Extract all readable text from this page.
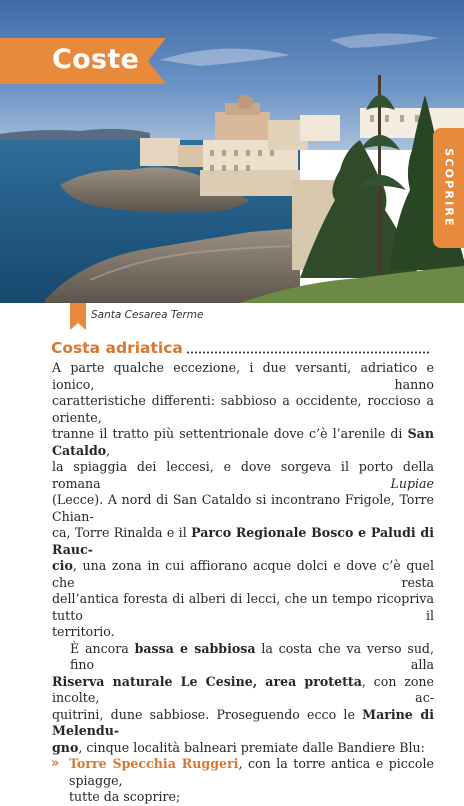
Coste
SCOPRIRE
Santa Cesarea Terme
Costa adriatica
A parte qualche eccezione, i due versanti, adriatico e ionico, hanno
caratteristiche differenti: sabbioso a occidente, roccioso a oriente,
tranne il tratto più settentrionale dove c’è l’arenile di San Cataldo,
la spiaggia dei leccesi, e dove sorgeva il porto della romana Lupiae
(Lecce). A nord di San Cataldo si incontrano Frigole, Torre Chian-
ca, Torre Rinalda e il Parco Regionale Bosco e Paludi di Rauc-
cio, una zona in cui affiorano acque dolci e dove c’è quel che resta
dell’antica foresta di alberi di lecci, che un tempo ricopriva tutto il
territorio.
È ancora bassa e sabbiosa la costa che va verso sud, fino alla
Riserva naturale Le Cesine, area protetta, con zone incolte, ac-
quitrini, dune sabbiose. Proseguendo ecco le Marine di Melendu-
gno, cinque località balneari premiate dalle Bandiere Blu:
» Torre Specchia Ruggeri, con la torre antica e piccole spiagge,
tutte da scoprire;
